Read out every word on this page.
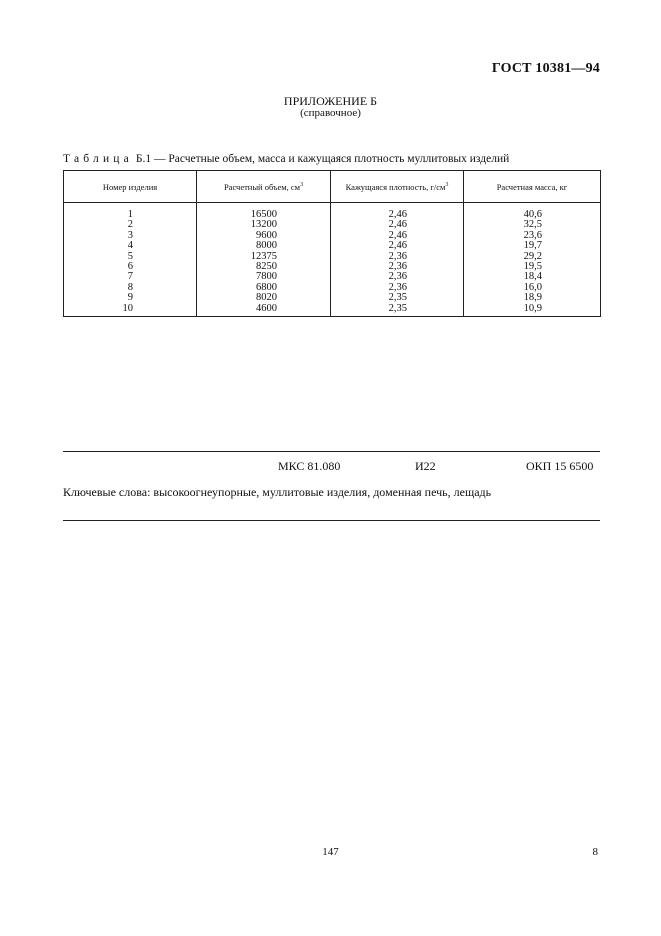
ГОСТ 10381—94
ПРИЛОЖЕНИЕ Б
(справочное)
Таблица Б.1 — Расчетные объем, масса и кажущаяся плотность муллитовых изделий
Номер изделия	Расчетный объем, $см^3$	Кажущаяся плотность, $г/см^3$	Расчетная масса, кг
1	16500	2,46	40,6
2	13200	2,46	32,5
3	9600	2,46	23,6
4	8000	2,46	19,7
5	12375	2,36	29,2
6	8250	2,36	19,5
7	7800	2,36	18,4
8	6800	2,36	16,0
9	8020	2,35	18,9
10	4600	2,35	10,9
МКС 81.080	И22	ОКП 15 6500
Ключевые слова: высокоогнеупорные, муллитовые изделия, доменная печь, лещадь
147	8
